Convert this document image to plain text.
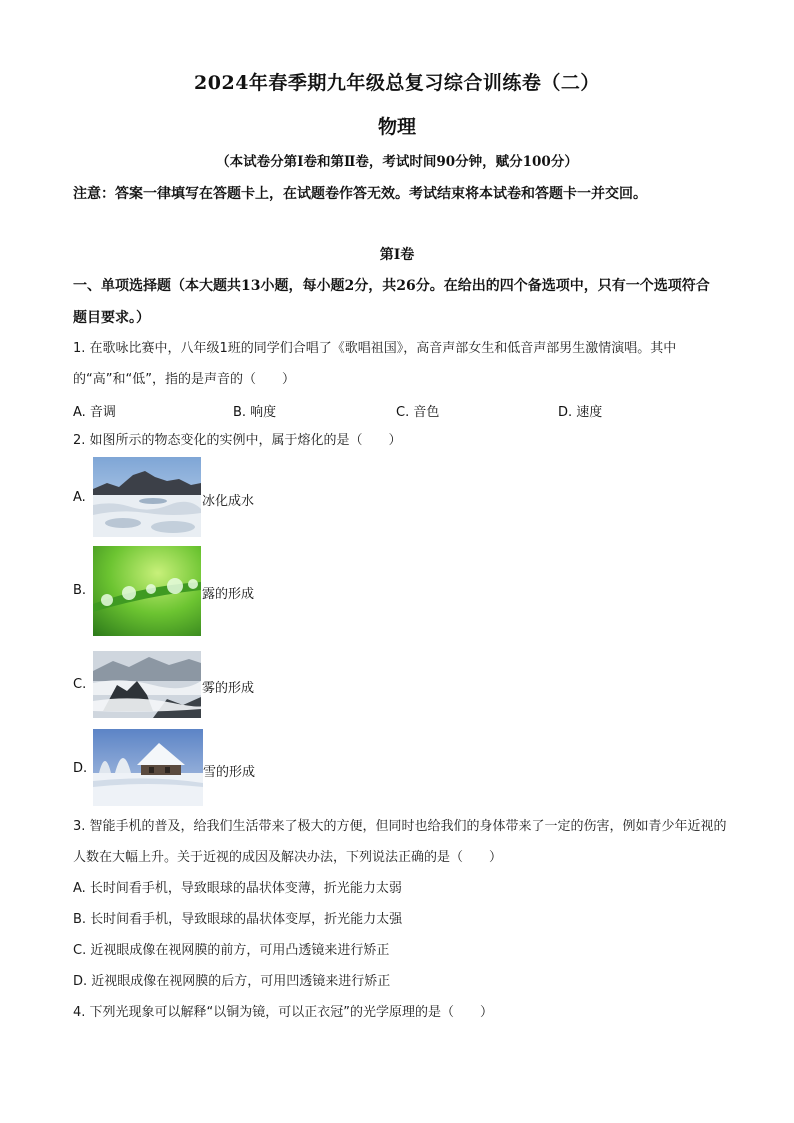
2024年春季期九年级总复习综合训练卷（二）
物理
（本试卷分第Ⅰ卷和第Ⅱ卷，考试时间90分钟，赋分100分）
注意：答案一律填写在答题卡上，在试题卷作答无效。考试结束将本试卷和答题卡一并交回。
第Ⅰ卷
一、单项选择题（本大题共13小题，每小题2分，共26分。在给出的四个备选项中，只有一个选项符合题目要求。）
1. 在歌咏比赛中，八年级1班的同学们合唱了《歌唱祖国》，高音声部女生和低音声部男生激情演唱。其中的“高”和“低”，指的是声音的（　　）
A. 音调	B. 响度	C. 音色	D. 速度
2. 如图所示的物态变化的实例中，属于熔化的是（　　）
A.	冰化成水
B.	露的形成
C.	雾的形成
D.	雪的形成
3. 智能手机的普及，给我们生活带来了极大的方便，但同时也给我们的身体带来了一定的伤害，例如青少年近视的人数在大幅上升。关于近视的成因及解决办法，下列说法正确的是（　　）
A. 长时间看手机，导致眼球的晶状体变薄，折光能力太弱
B. 长时间看手机，导致眼球的晶状体变厚，折光能力太强
C. 近视眼成像在视网膜的前方，可用凸透镜来进行矫正
D. 近视眼成像在视网膜的后方，可用凹透镜来进行矫正
4. 下列光现象可以解释“以铜为镜，可以正衣冠”的光学原理的是（　　）
